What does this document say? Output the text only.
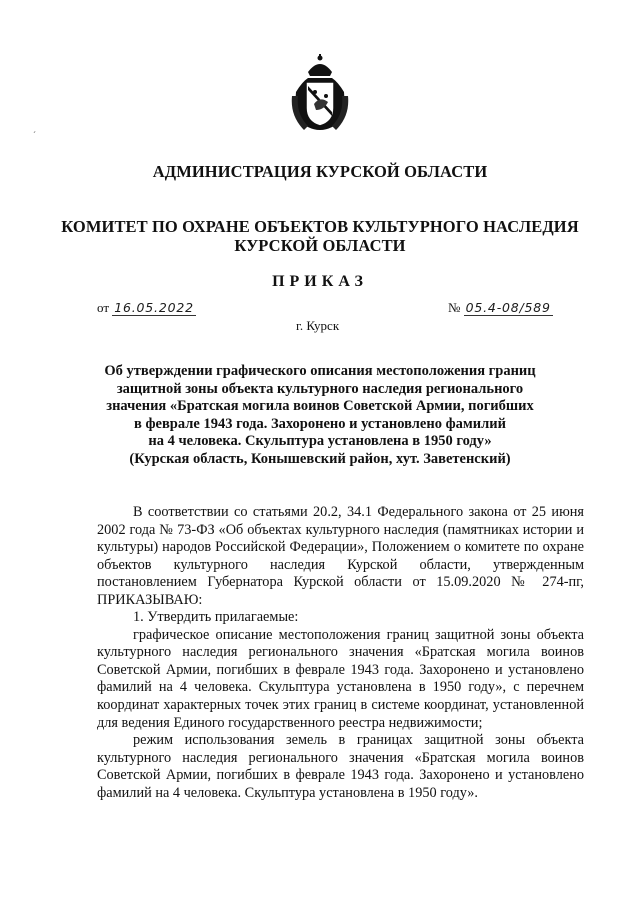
´
АДМИНИСТРАЦИЯ КУРСКОЙ ОБЛАСТИ
КОМИТЕТ ПО ОХРАНЕ ОБЪЕКТОВ КУЛЬТУРНОГО НАСЛЕДИЯ
КУРСКОЙ ОБЛАСТИ
ПРИКАЗ
от 16.05.2022	№ 05.4-08/589
г. Курск
Об утверждении графического описания местоположения границ
защитной зоны объекта культурного наследия регионального
значения «Братская могила воинов Советской Армии, погибших
в феврале 1943 года. Захоронено и установлено фамилий
на 4 человека. Скульптура установлена в 1950 году»
(Курская область, Конышевский район, хут. Заветенский)

В соответствии со статьями 20.2, 34.1 Федерального закона от 25 июня 2002 года № 73-ФЗ «Об объектах культурного наследия (памятниках истории и культуры) народов Российской Федерации», Положением о комитете по охране объектов культурного наследия Курской области, утвержденным постановлением Губернатора Курской области от 15.09.2020 № 274-пг, ПРИКАЗЫВАЮ:

1. Утвердить прилагаемые:

графическое описание местоположения границ защитной зоны объекта культурного наследия регионального значения «Братская могила воинов Советской Армии, погибших в феврале 1943 года. Захоронено и установлено фамилий на 4 человека. Скульптура установлена в 1950 году», с перечнем координат характерных точек этих границ в системе координат, установленной для ведения Единого государственного реестра недвижимости;

режим использования земель в границах защитной зоны объекта культурного наследия регионального значения «Братская могила воинов Советской Армии, погибших в феврале 1943 года. Захоронено и установлено фамилий на 4 человека. Скульптура установлена в 1950 году».
